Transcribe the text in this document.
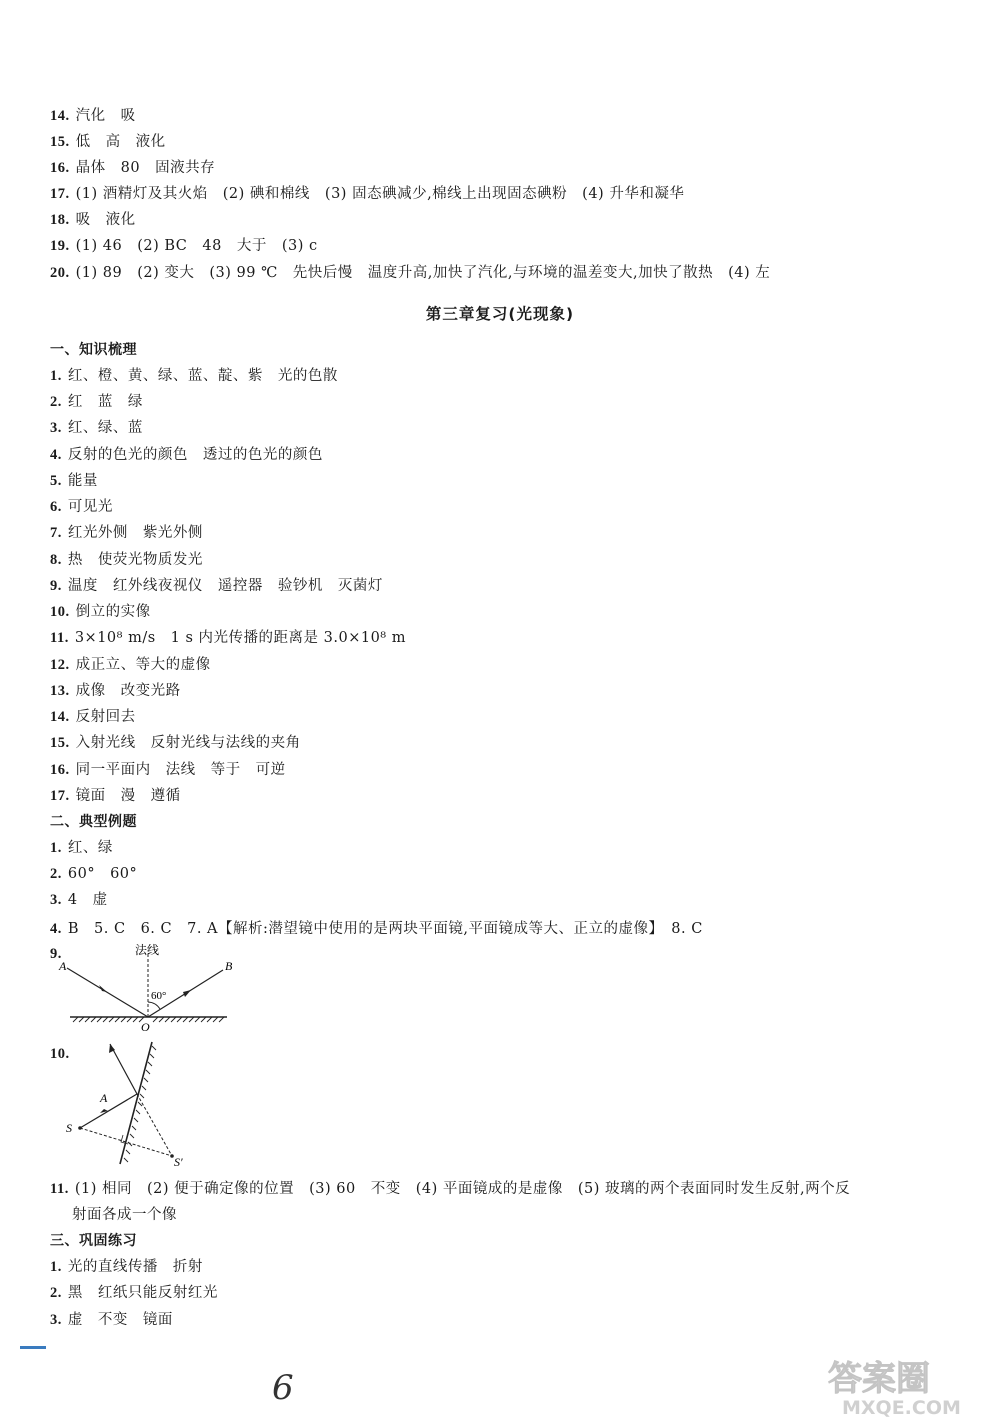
14. 汽化　吸
15. 低　高　液化
16. 晶体　80　固液共存
17. (1) 酒精灯及其火焰　(2) 碘和棉线　(3) 固态碘减少,棉线上出现固态碘粉　(4) 升华和凝华
18. 吸　液化
19. (1) 46　(2) BC　48　大于　(3) c
20. (1) 89　(2) 变大　(3) 99 ℃　先快后慢　温度升高,加快了汽化,与环境的温差变大,加快了散热　(4) 左
第三章复习(光现象)
一、知识梳理
1. 红、橙、黄、绿、蓝、靛、紫　光的色散
2. 红　蓝　绿
3. 红、绿、蓝
4. 反射的色光的颜色　透过的色光的颜色
5. 能量
6. 可见光
7. 红光外侧　紫光外侧
8. 热　使荧光物质发光
9. 温度　红外线夜视仪　遥控器　验钞机　灭菌灯
10. 倒立的实像
11. 3×10⁸ m/s　1 s 内光传播的距离是 3.0×10⁸ m
12. 成正立、等大的虚像
13. 成像　改变光路
14. 反射回去
15. 入射光线　反射光线与法线的夹角
16. 同一平面内　法线　等于　可逆
17. 镜面　漫　遵循
二、典型例题
1. 红、绿
2. 60°　60°
3. 4　虚
4. B　5. C　6. C　7. A【解析:潜望镜中使用的是两块平面镜,平面镜成等大、正立的虚像】　8. C
9.	法线
A	B
O
60°
10.
A
S
S′
11. (1) 相同　(2) 便于确定像的位置　(3) 60　不变　(4) 平面镜成的是虚像　(5) 玻璃的两个表面同时发生反射,两个反
射面各成一个像
三、巩固练习
1. 光的直线传播　折射
2. 黑　红纸只能反射红光
3. 虚　不变　镜面
6	答案圈
MXQE.COM
